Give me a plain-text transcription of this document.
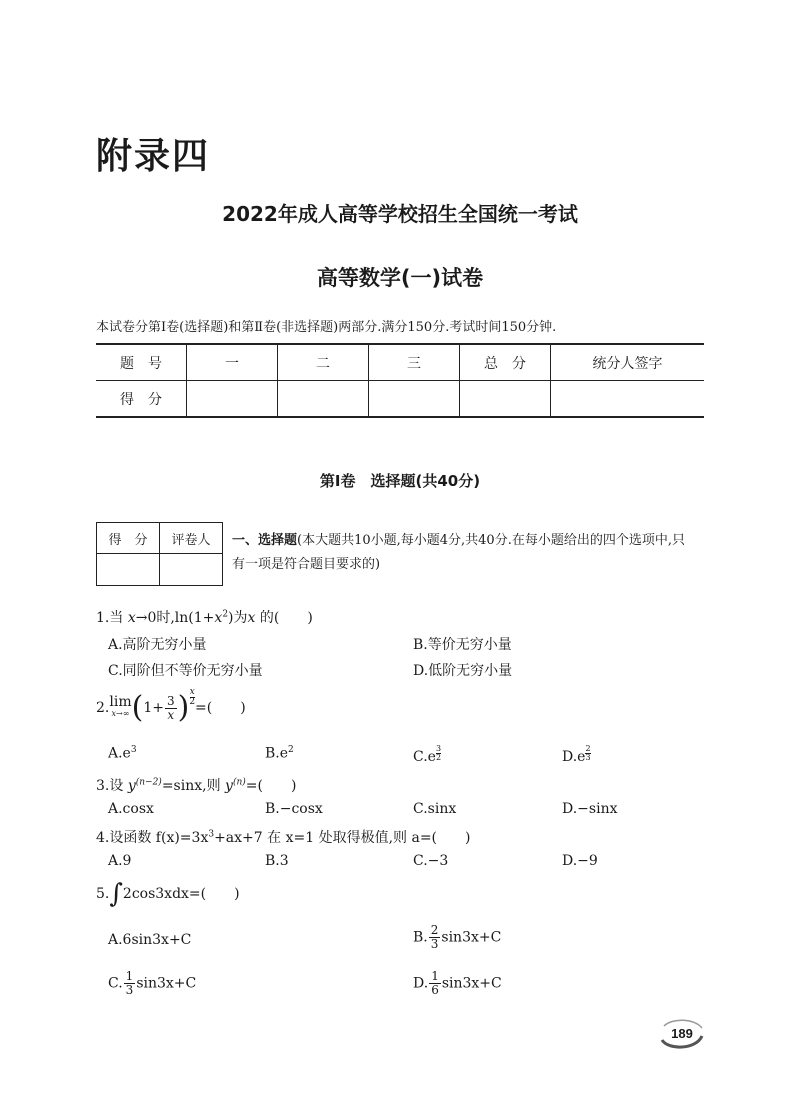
附录四
2022年成人高等学校招生全国统一考试
高等数学(一)试卷
本试卷分第Ⅰ卷(选择题)和第Ⅱ卷(非选择题)两部分.满分150分.考试时间150分钟.
题　号	一	二	三	总　分	统分人签字
得　分					
第Ⅰ卷　选择题(共40分)
得　分	评卷人
	一、选择题(本大题共10小题,每小题4分,共40分.在每小题给出的四个选项中,只有一项是符合题目要求的)
1.当 x→0时$,\ln(1+x^2)$为x 的(　　)
A.高阶无穷小量	B.等价无穷小量
C.同阶但不等价无穷小量	D.低阶无穷小量
2. lim
x→∞ ($1+ \frac{3}{x}$ ) $^{\frac{x}{2}}$
=(　　)
$A.e^3$	$B.e^2$	C.e $^{\frac{3}{2}}$	D.e $^{\frac{2}{3}}$
3.设 $y^{(n-2)}=\sin x$,则 $y^{(n)}=$(　　)
A.cosx	B.−cosx	C.sinx	D.−sinx
4.设函数 $f(x)=3x^3+ax+7$ 在 x=1 处取得极值,则 a=(　　)
A.9	B.3	C.−3	D.−9
5.∫2cos3xdx=(　　)
A.6sin3x+C	B. $\frac{2}{3} \sin 3x+C$
C. $\frac{1}{3} \sin 3x+C$	D. $\frac{1}{6} \sin 3x+C$
189
